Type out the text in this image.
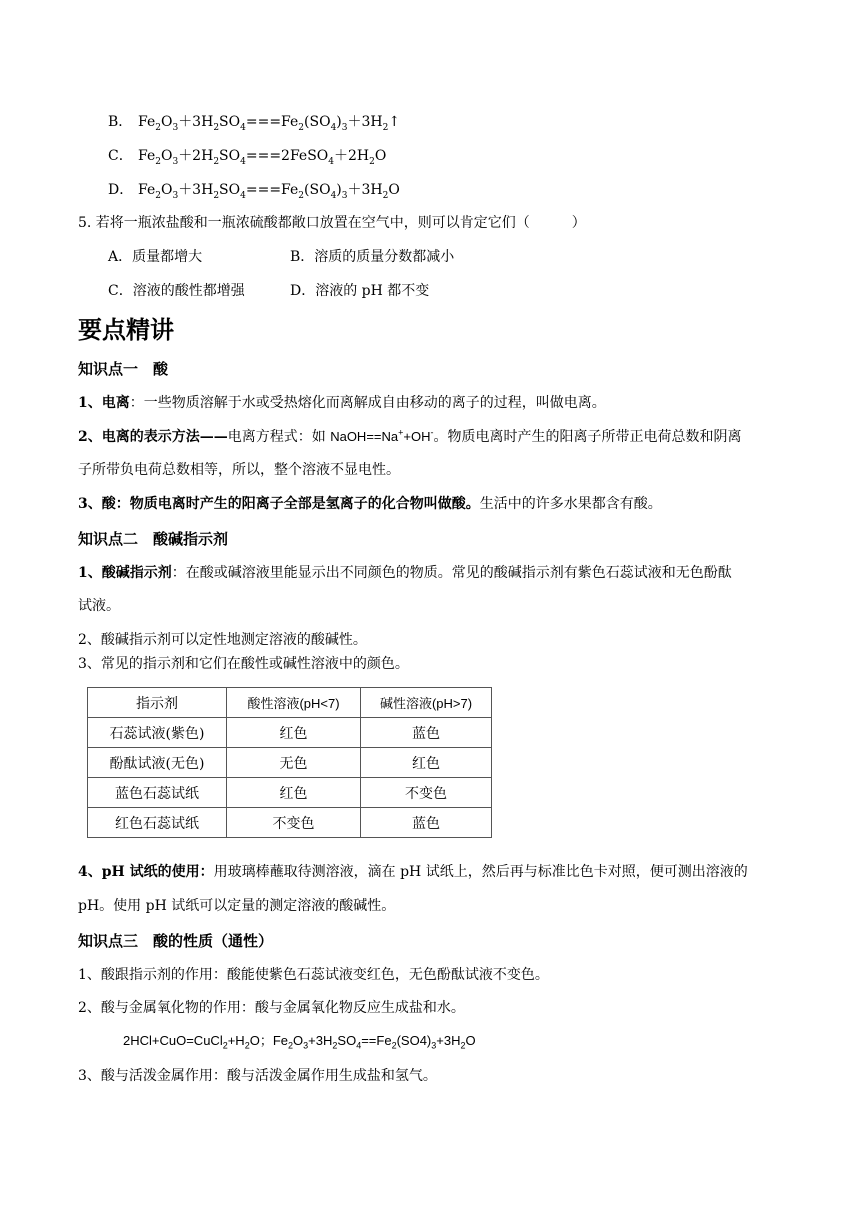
B． $Fe_2O_3+3H_2SO_4===Fe_2(SO_4)_3+3H_2↑$
C． $Fe_2O_3+2H_2SO_4===2FeSO_4+2H_2O$
D． $Fe_2O_3+3H_2SO_4===Fe_2(SO_4)_3+3H_2O$
5. 若将一瓶浓盐酸和一瓶浓硫酸都敞口放置在空气中，则可以肯定它们（　　　）
A．质量都增大	B．溶质的质量分数都减小
C．溶液的酸性都增强	D．溶液的 pH 都不变
要点精讲
知识点一　酸
1、电离：一些物质溶解于水或受热熔化而离解成自由移动的离子的过程，叫做电离。
2、电离的表示方法——电离方程式：如 NaOH==Na++OH-。物质电离时产生的阳离子所带正电荷总数和阴离
子所带负电荷总数相等，所以，整个溶液不显电性。
3、酸：物质电离时产生的阳离子全部是氢离子的化合物叫做酸。生活中的许多水果都含有酸。
知识点二　酸碱指示剂
1、酸碱指示剂：在酸或碱溶液里能显示出不同颜色的物质。常见的酸碱指示剂有紫色石蕊试液和无色酚酞
试液。
2、酸碱指示剂可以定性地测定溶液的酸碱性。
3、常见的指示剂和它们在酸性或碱性溶液中的颜色。
指示剂	酸性溶液(pH<7)	碱性溶液(pH>7)
石蕊试液(紫色)	红色	蓝色
酚酞试液(无色)	无色	红色
蓝色石蕊试纸	红色	不变色
红色石蕊试纸	不变色	蓝色
4、pH 试纸的使用：用玻璃棒蘸取待测溶液，滴在 pH 试纸上，然后再与标准比色卡对照，便可测出溶液的
pH。使用 pH 试纸可以定量的测定溶液的酸碱性。
知识点三　酸的性质（通性）
1、酸跟指示剂的作用：酸能使紫色石蕊试液变红色，无色酚酞试液不变色。
2、酸与金属氧化物的作用：酸与金属氧化物反应生成盐和水。
$2HCl+CuO=CuCl_2+H_2O$；$Fe_2O_3+3H_2SO_4==Fe_2(SO4)_3+3H_2O$
3、酸与活泼金属作用：酸与活泼金属作用生成盐和氢气。
